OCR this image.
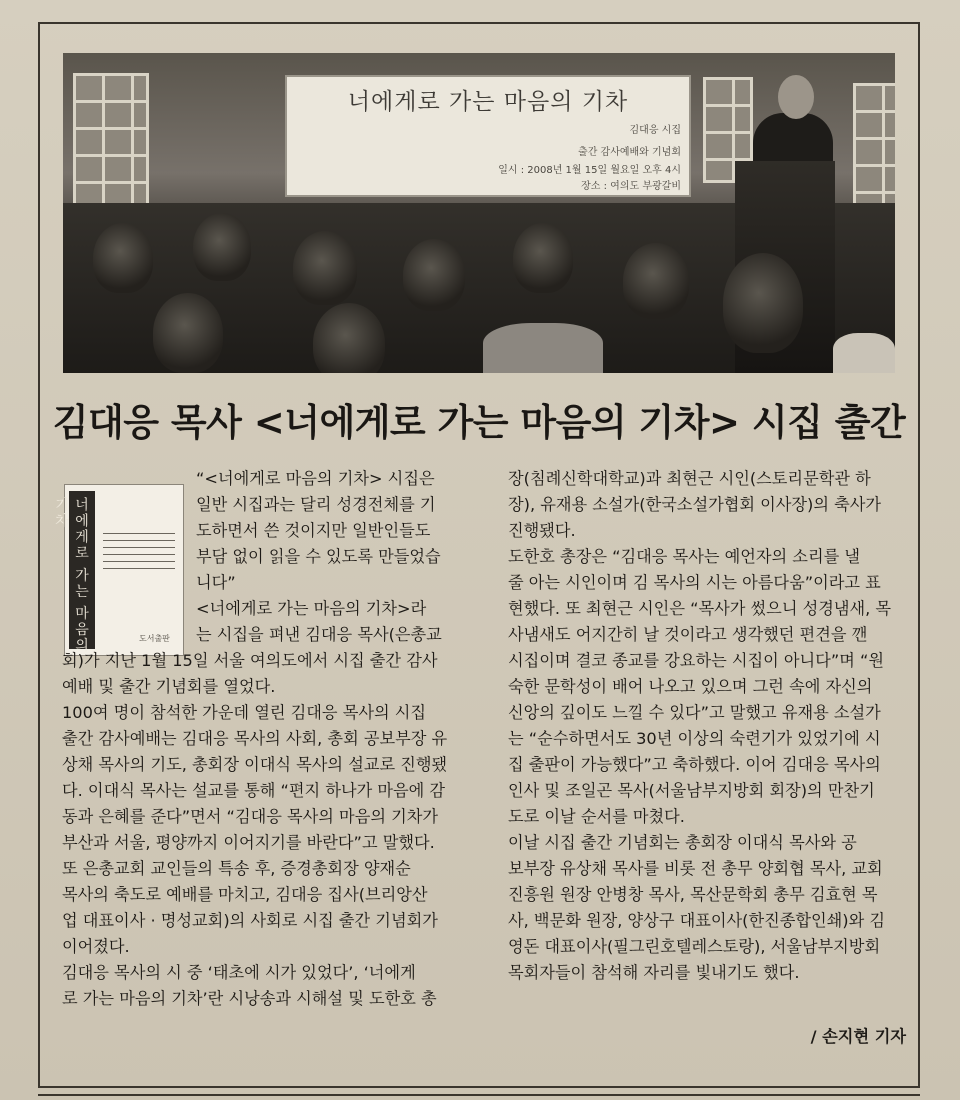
너에게로 가는 마음의 기차
김대응 시집
출간 감사예배와 기념회
일시 : 2008년 1월 15일 월요일 오후 4시
장소 : 여의도 부광갈비
김대응 목사 <너에게로 가는 마음의 기차> 시집 출간
너에게로 가는 마음의 기차
도서출판

“<너에게로 마음의 기차> 시집은
일반 시집과는 달리 성경전체를 기
도하면서 쓴 것이지만 일반인들도
부담 없이 읽을 수 있도록 만들었습
니다”
<너에게로 가는 마음의 기차>라
는 시집을 펴낸 김대응 목사(은총교

회)가 지난 1월 15일 서울 여의도에서 시집 출간 감사
예배 및 출간 기념회를 열었다.
100여 명이 참석한 가운데 열린 김대응 목사의 시집
출간 감사예배는 김대응 목사의 사회, 총회 공보부장 유
상채 목사의 기도, 총회장 이대식 목사의 설교로 진행됐
다. 이대식 목사는 설교를 통해 “편지 하나가 마음에 감
동과 은혜를 준다”면서 “김대응 목사의 마음의 기차가
부산과 서울, 평양까지 이어지기를 바란다”고 말했다.
또 은총교회 교인들의 특송 후, 증경총회장 양재순
목사의 축도로 예배를 마치고, 김대응 집사(브리앙산
업 대표이사 · 명성교회)의 사회로 시집 출간 기념회가
이어졌다.
김대응 목사의 시 중 ‘태초에 시가 있었다’, ‘너에게
로 가는 마음의 기차’란 시낭송과 시해설 및 도한호 총

장(침례신학대학교)과 최현근 시인(스토리문학관 하
장), 유재용 소설가(한국소설가협회 이사장)의 축사가
진행됐다.
도한호 총장은 “김대응 목사는 예언자의 소리를 낼
줄 아는 시인이며 김 목사의 시는 아름다움”이라고 표
현했다. 또 최현근 시인은 “목사가 썼으니 성경냄새, 목
사냄새도 어지간히 날 것이라고 생각했던 편견을 깬
시집이며 결코 종교를 강요하는 시집이 아니다”며 “원
숙한 문학성이 배어 나오고 있으며 그런 속에 자신의
신앙의 깊이도 느낄 수 있다”고 말했고 유재용 소설가
는 “순수하면서도 30년 이상의 숙련기가 있었기에 시
집 출판이 가능했다”고 축하했다. 이어 김대응 목사의
인사 및 조일곤 목사(서울남부지방회 회장)의 만찬기
도로 이날 순서를 마쳤다.
이날 시집 출간 기념회는 총회장 이대식 목사와 공
보부장 유상채 목사를 비롯 전 총무 양회협 목사, 교회
진흥원 원장 안병창 목사, 목산문학회 총무 김효현 목
사, 백문화 원장, 양상구 대표이사(한진종합인쇄)와 김
영돈 대표이사(필그린호텔레스토랑), 서울남부지방회
목회자들이 참석해 자리를 빛내기도 했다.

/ 손지현 기자
